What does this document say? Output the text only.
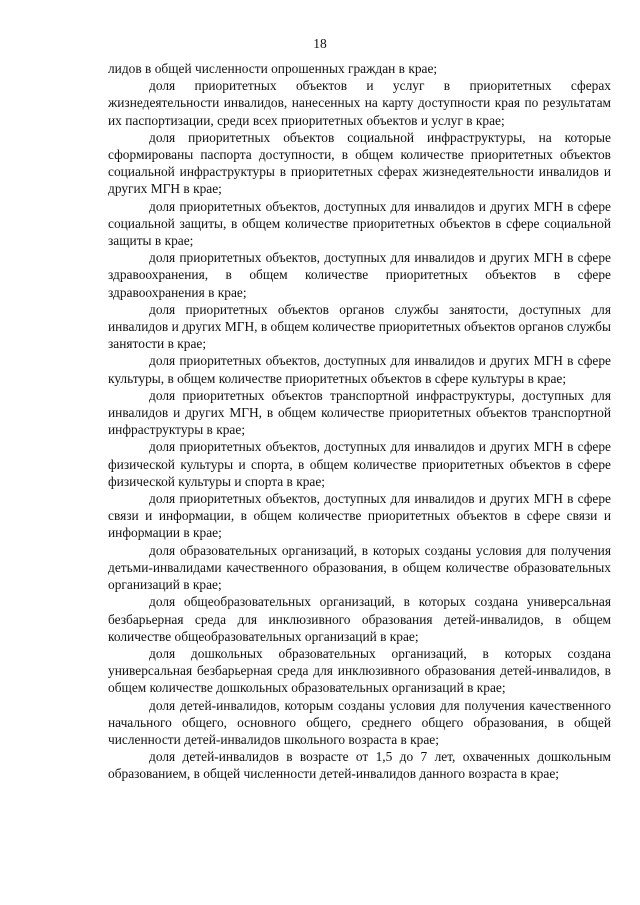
18

лидов в общей численности опрошенных граждан в крае;

доля приоритетных объектов и услуг в приоритетных сферах жизнедеятельности инвалидов, нанесенных на карту доступности края по результатам их паспортизации, среди всех приоритетных объектов и услуг в крае;

доля приоритетных объектов социальной инфраструктуры, на которые сформированы паспорта доступности, в общем количестве приоритетных объектов социальной инфраструктуры в приоритетных сферах жизнедеятельности инвалидов и других МГН в крае;

доля приоритетных объектов, доступных для инвалидов и других МГН в сфере социальной защиты, в общем количестве приоритетных объектов в сфере социальной защиты в крае;

доля приоритетных объектов, доступных для инвалидов и других МГН в сфере здравоохранения, в общем количестве приоритетных объектов в сфере здравоохранения в крае;

доля приоритетных объектов органов службы занятости, доступных для инвалидов и других МГН, в общем количестве приоритетных объектов органов службы занятости в крае;

доля приоритетных объектов, доступных для инвалидов и других МГН в сфере культуры, в общем количестве приоритетных объектов в сфере культуры в крае;

доля приоритетных объектов транспортной инфраструктуры, доступных для инвалидов и других МГН, в общем количестве приоритетных объектов транспортной инфраструктуры в крае;

доля приоритетных объектов, доступных для инвалидов и других МГН в сфере физической культуры и спорта, в общем количестве приоритетных объектов в сфере физической культуры и спорта в крае;

доля приоритетных объектов, доступных для инвалидов и других МГН в сфере связи и информации, в общем количестве приоритетных объектов в сфере связи и информации в крае;

доля образовательных организаций, в которых созданы условия для получения детьми-инвалидами качественного образования, в общем количестве образовательных организаций в крае;

доля общеобразовательных организаций, в которых создана универсальная безбарьерная среда для инклюзивного образования детей-инвалидов, в общем количестве общеобразовательных организаций в крае;

доля дошкольных образовательных организаций, в которых создана универсальная безбарьерная среда для инклюзивного образования детей-инвалидов, в общем количестве дошкольных образовательных организаций в крае;

доля детей-инвалидов, которым созданы условия для получения качественного начального общего, основного общего, среднего общего образования, в общей численности детей-инвалидов школьного возраста в крае;

доля детей-инвалидов в возрасте от 1,5 до 7 лет, охваченных дошкольным образованием, в общей численности детей-инвалидов данного возраста в крае;
